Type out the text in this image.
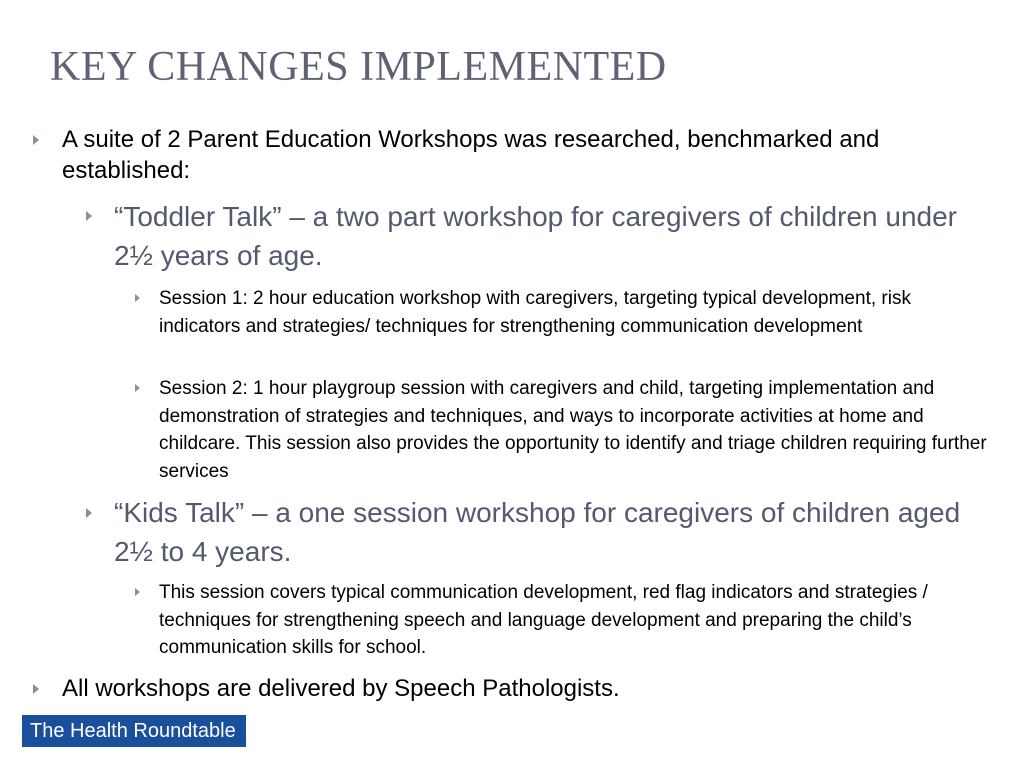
KEY CHANGES IMPLEMENTED
A suite of 2 Parent Education Workshops was researched, benchmarked and established:
“Toddler Talk” – a two part workshop for caregivers of children under 2½ years of age.
Session 1: 2 hour education workshop with caregivers, targeting typical development, risk indicators and strategies/ techniques for strengthening communication development
Session 2: 1 hour playgroup session with caregivers and child, targeting implementation and demonstration of strategies and techniques, and ways to incorporate activities at home and childcare. This session also provides the opportunity to identify and triage children requiring further services
“Kids Talk” – a one session workshop for caregivers of children aged 2½ to 4 years.
This session covers typical communication development, red flag indicators and strategies / techniques for strengthening speech and language development and preparing the child’s communication skills for school.
All workshops are delivered by Speech Pathologists.
The Health Roundtable
